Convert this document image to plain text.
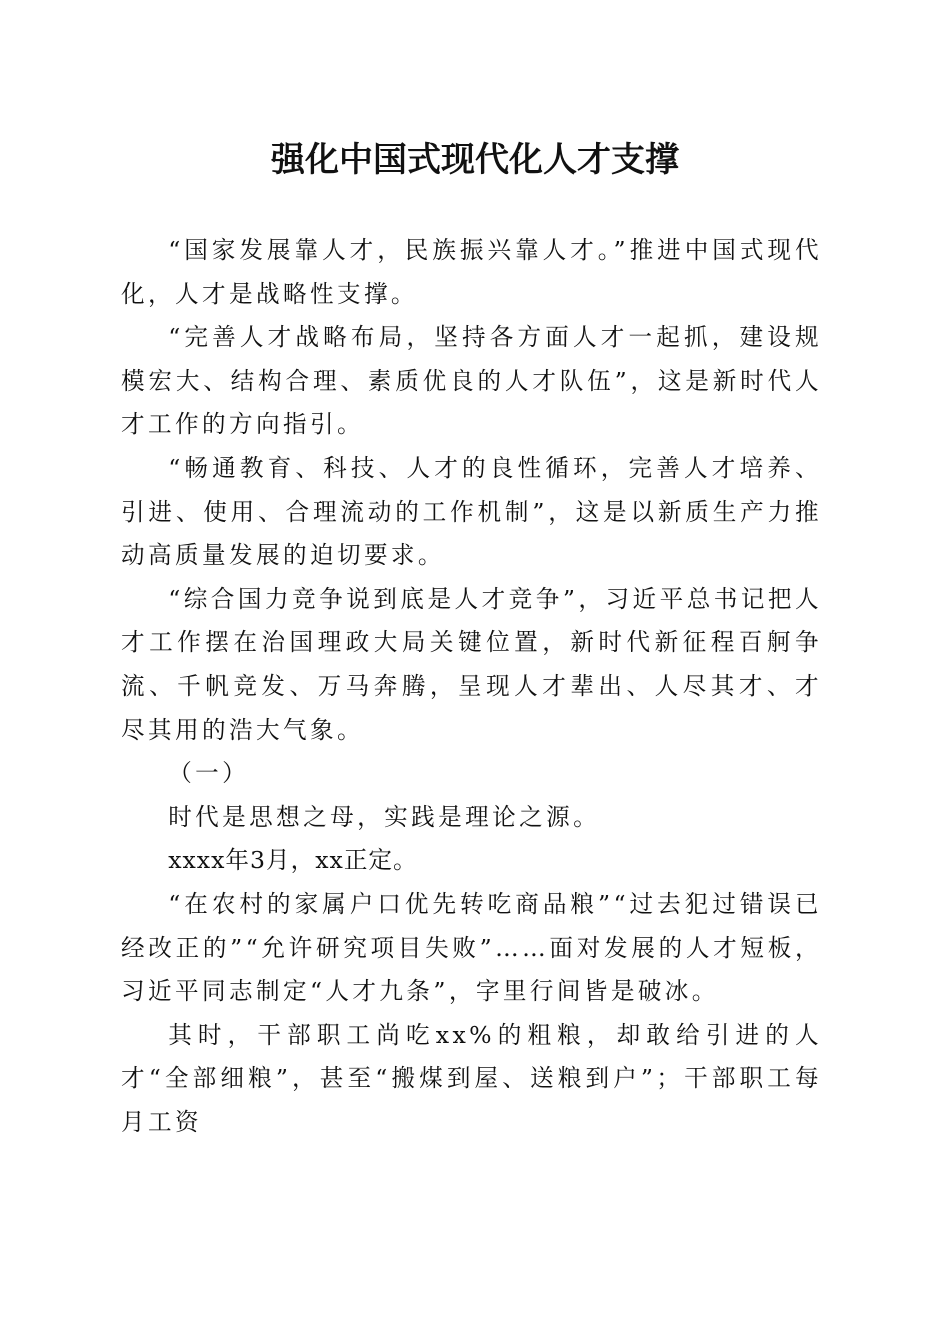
强化中国式现代化人才支撑

“国家发展靠人才，民族振兴靠人才。”推进中国式现代化，人才是战略性支撑。

“完善人才战略布局，坚持各方面人才一起抓，建设规模宏大、结构合理、素质优良的人才队伍”，这是新时代人才工作的方向指引。

“畅通教育、科技、人才的良性循环，完善人才培养、引进、使用、合理流动的工作机制”，这是以新质生产力推动高质量发展的迫切要求。

“综合国力竞争说到底是人才竞争”，习近平总书记把人才工作摆在治国理政大局关键位置，新时代新征程百舸争流、千帆竞发、万马奔腾，呈现人才辈出、人尽其才、才尽其用的浩大气象。

（一）

时代是思想之母，实践是理论之源。

xxxx年3月，xx正定。

“在农村的家属户口优先转吃商品粮”“过去犯过错误已经改正的”“允许研究项目失败”……面对发展的人才短板，习近平同志制定“人才九条”，字里行间皆是破冰。

其时，干部职工尚吃xx%的粗粮，却敢给引进的人才“全部细粮”，甚至“搬煤到屋、送粮到户”；干部职工每月工资
